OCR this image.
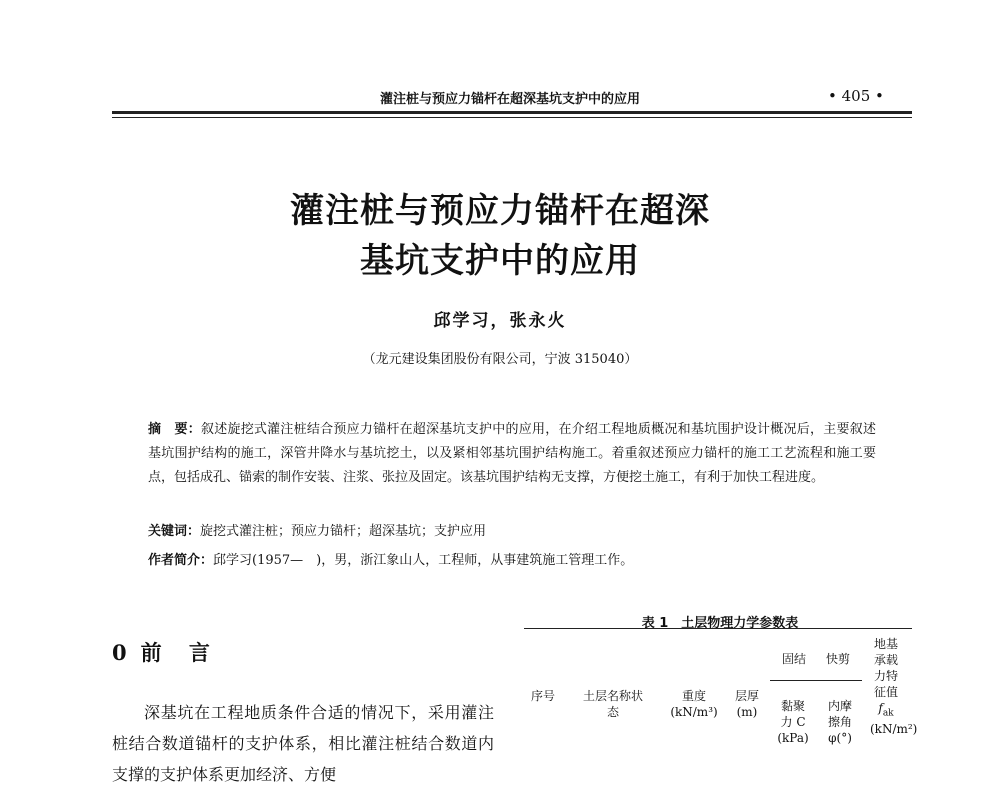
灌注桩与预应力锚杆在超深基坑支护中的应用	• 405 •
灌注桩与预应力锚杆在超深
基坑支护中的应用
邱学习，张永火
（龙元建设集团股份有限公司，宁波 315040）
摘　要：叙述旋挖式灌注桩结合预应力锚杆在超深基坑支护中的应用，在介绍工程地质概况和基坑围护设计概况后，主要叙述基坑围护结构的施工，深管井降水与基坑挖土，以及紧相邻基坑围护结构施工。着重叙述预应力锚杆的施工工艺流程和施工要点，包括成孔、锚索的制作安装、注浆、张拉及固定。该基坑围护结构无支撑，方便挖土施工，有利于加快工程进度。
关键词：旋挖式灌注桩；预应力锚杆；超深基坑；支护应用
作者简介：邱学习(1957—　)，男，浙江象山人，工程师，从事建筑施工管理工作。
0 前 言
深基坑在工程地质条件合适的情况下，采用灌注桩结合数道锚杆的支护体系，相比灌注桩结合数道内支撑的支护体系更加经济、方便
表 1　土层物理力学参数表
序号 土层名称状态
重度
(kN/m³)
层厚
(m)
固结 快剪
黏聚力 C
(kPa)
内摩擦角
φ(°)
地基承载力特征值
$f_{ak}$
(kN/m²)
